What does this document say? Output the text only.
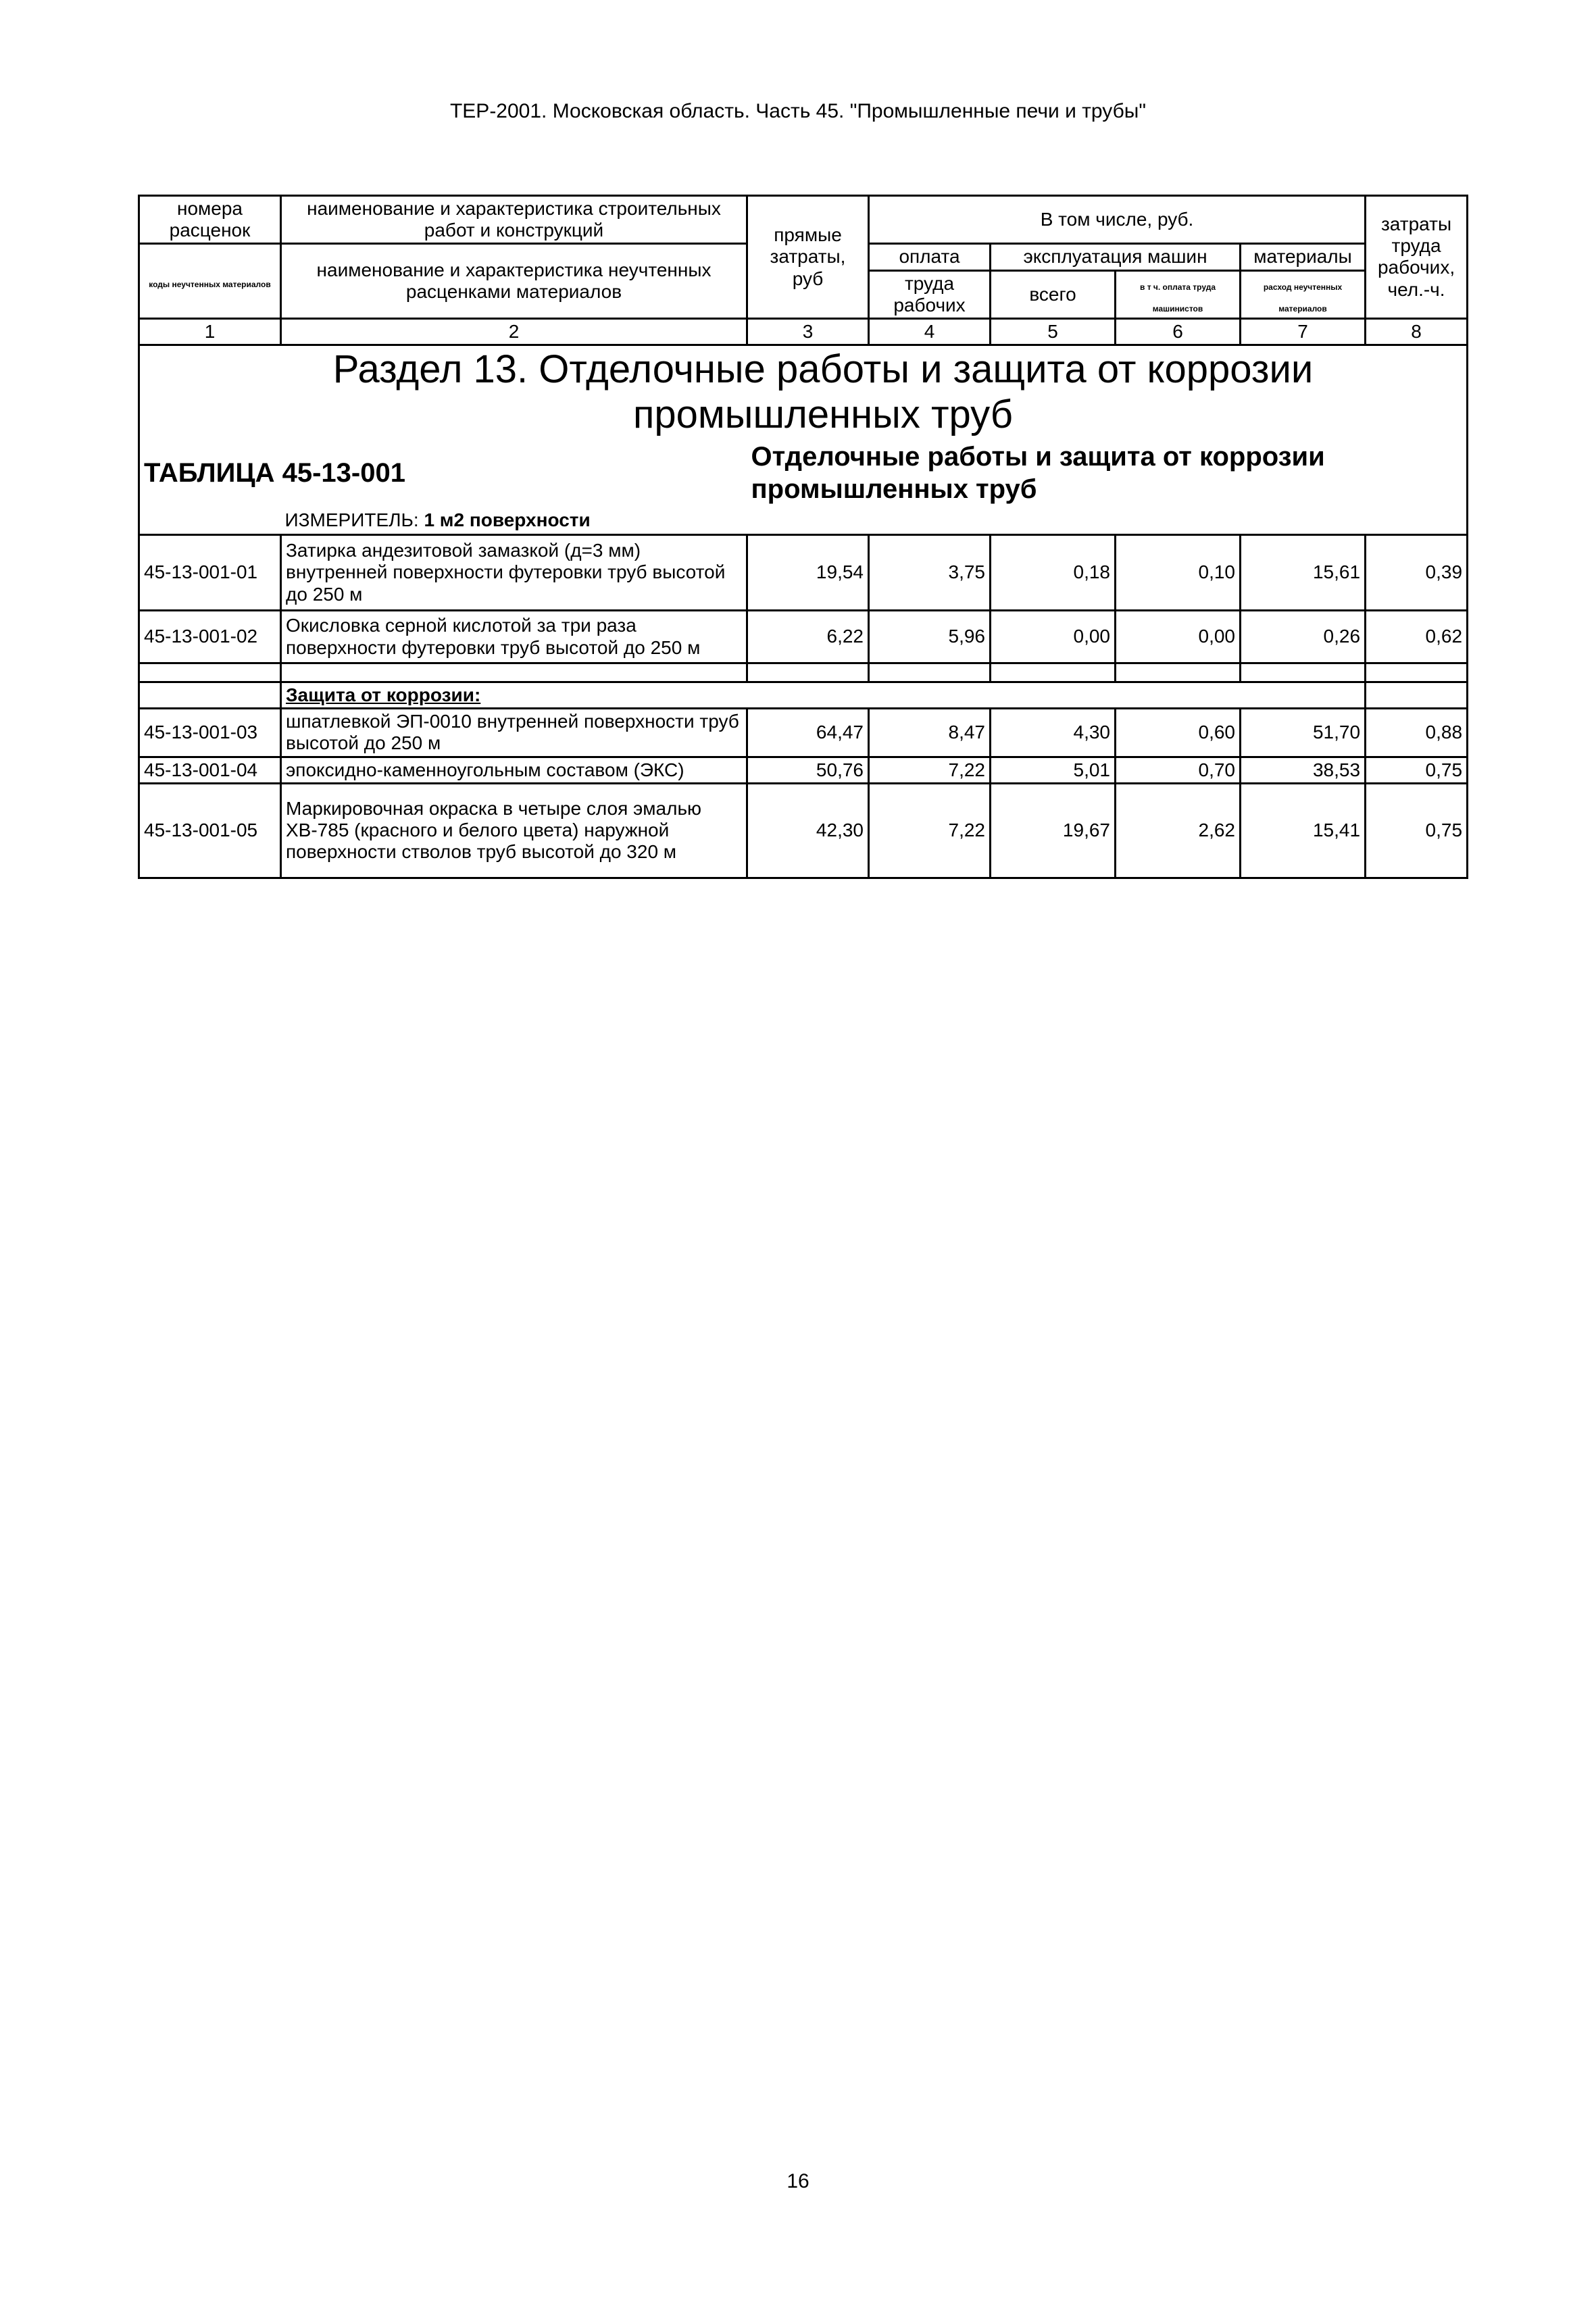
ТЕР-2001. Московская область. Часть 45. "Промышленные печи и трубы"
номера расценок	наименование и характеристика строительных работ и конструкций	прямые затраты, руб	В том числе, руб.				затраты труда рабочих, чел.-ч.
коды неучтенных материалов	наименование и характеристика неучтенных расценками материалов		оплата	эксплуатация машин		материалы	
			труда рабочих	всего	в т ч. оплата труда машинистов	расход неучтенных материалов	
1	2	3	4	5	6	7	8
	Раздел 13. Отделочные работы и защита от коррозии промышленных труб						
ТАБЛИЦА 45-13-001		Отделочные работы и защита от коррозии промышленных труб					
	ИЗМЕРИТЕЛЬ: 1 м2 поверхности						
45-13-001-01	Затирка андезитовой замазкой (д=3 мм) внутренней поверхности футеровки труб высотой до 250 м	19,54	3,75	0,18	0,10	15,61	0,39
45-13-001-02	Окисловка серной кислотой за три раза поверхности футеровки труб высотой до 250 м	6,22	5,96	0,00	0,00	0,26	0,62

	Защита от коррозии:						
45-13-001-03	шпатлевкой ЭП-0010 внутренней поверхности труб высотой до 250 м	64,47	8,47	4,30	0,60	51,70	0,88
45-13-001-04	эпоксидно-каменноугольным составом (ЭКС)	50,76	7,22	5,01	0,70	38,53	0,75
45-13-001-05	Маркировочная окраска в четыре слоя эмалью ХВ-785 (красного и белого цвета) наружной поверхности стволов труб высотой до 320 м	42,30	7,22	19,67	2,62	15,41	0,75
16
